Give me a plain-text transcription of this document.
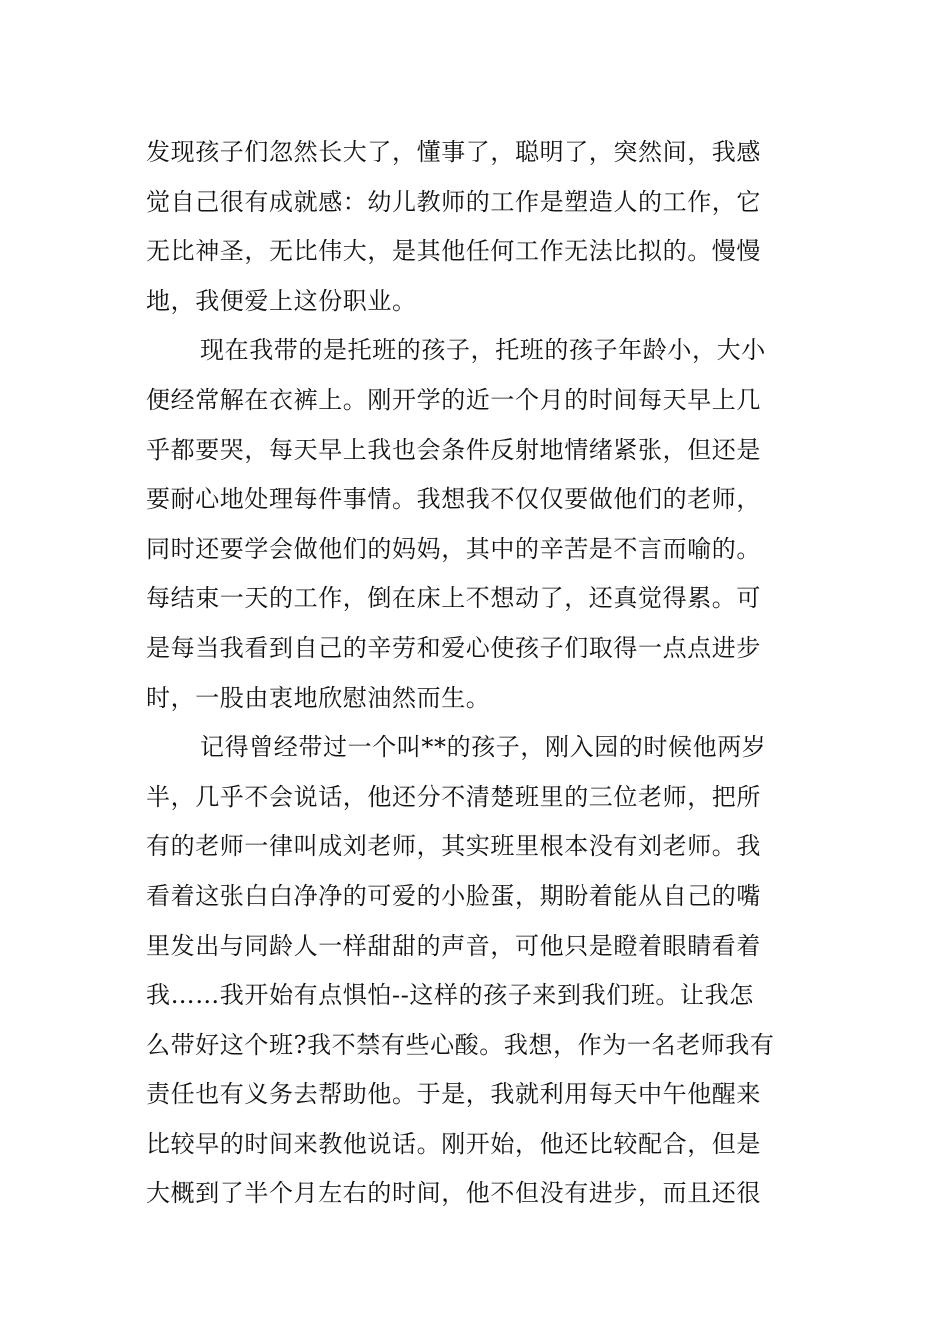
发现孩子们忽然长大了，懂事了，聪明了，突然间，我感
觉自己很有成就感：幼儿教师的工作是塑造人的工作，它
无比神圣，无比伟大，是其他任何工作无法比拟的。慢慢
地，我便爱上这份职业。
现在我带的是托班的孩子，托班的孩子年龄小，大小
便经常解在衣裤上。刚开学的近一个月的时间每天早上几
乎都要哭，每天早上我也会条件反射地情绪紧张，但还是
要耐心地处理每件事情。我想我不仅仅要做他们的老师，
同时还要学会做他们的妈妈，其中的辛苦是不言而喻的。
每结束一天的工作，倒在床上不想动了，还真觉得累。可
是每当我看到自己的辛劳和爱心使孩子们取得一点点进步
时，一股由衷地欣慰油然而生。
记得曾经带过一个叫**的孩子，刚入园的时候他两岁
半，几乎不会说话，他还分不清楚班里的三位老师，把所
有的老师一律叫成刘老师，其实班里根本没有刘老师。我
看着这张白白净净的可爱的小脸蛋，期盼着能从自己的嘴
里发出与同龄人一样甜甜的声音，可他只是瞪着眼睛看着
我……我开始有点惧怕--这样的孩子来到我们班。让我怎
么带好这个班?我不禁有些心酸。我想，作为一名老师我有
责任也有义务去帮助他。于是，我就利用每天中午他醒来
比较早的时间来教他说话。刚开始，他还比较配合，但是
大概到了半个月左右的时间，他不但没有进步，而且还很
